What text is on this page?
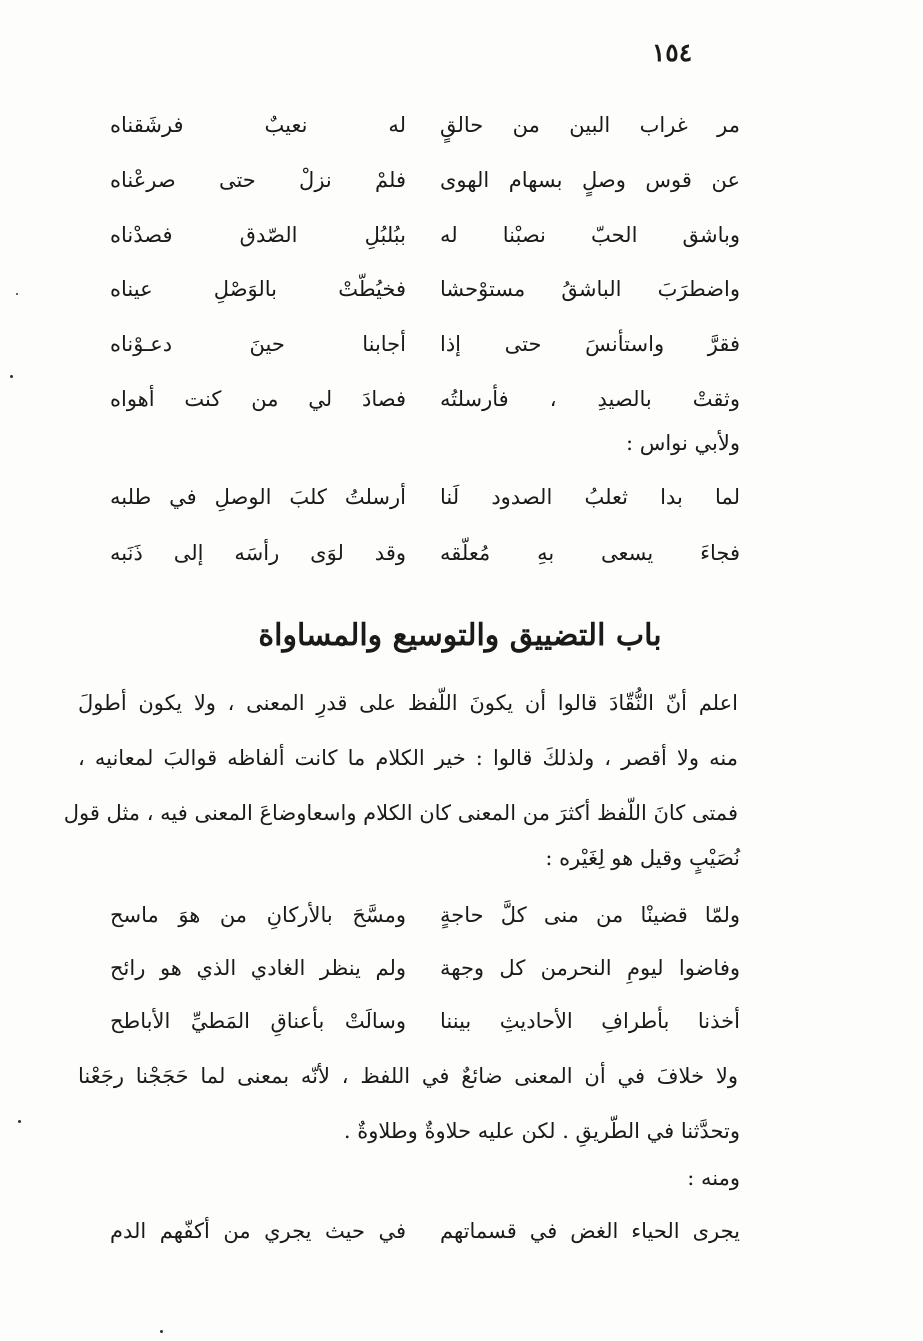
١٥٤
مر غراب البين من حالقٍ
له نعيبٌ فرشَقناه
عن قوس وصلٍ بسهام الهوى
فلمْ نزلْ حتى صرعْناه
وباشق الحبّ نصبْنا له
ببُلبُلِ الصّدق فصدْناه
واضطرَبَ الباشقُ مستوْحشا
فخيُطّتْ بالوَصْلِ عيناه
فقرَّ واستأنسَ حتى إذا
أجابنا حينَ دعـوْناه
وثقتْ بالصيدِ ، فأرسلتُه
فصادَ لي من كنت أهواه
ولأبي نواس :
لما بدا ثعلبُ الصدود لَنا
أرسلتُ كلبَ الوصلِ في طلبه
فجاءَ يسعى بهِ مُعلّقه
وقد لوَى رأسَه إلى ذَنَبه
باب التضييق والتوسيع والمساواة
اعلم أنّ النُّقّادَ قالوا أن يكونَ اللّفظ على قدرِ المعنى ، ولا يكون أطولَ
منه ولا أقصر ، ولذلكَ قالوا : خير الكلام ما كانت ألفاظه قوالبَ لمعانيه ،
فمتى كانَ اللّفظ أكثرَ من المعنى كان الكلام واسعاوضاعَ المعنى فيه ، مثل قول
نُصَيْبٍ وقيل هو لِغَيْره :
ولمّا قضينْا من منى كلَّ حاجةٍ
ومسَّحَ بالأركانِ من هوَ ماسح
وفاضوا ليومِ النحرمن كل وجهة
ولم ينظر الغادي الذي هو رائح
أخذنا بأطرافِ الأحاديثِ بيننا
وسالَتْ بأعناقِ المَطيِّ الأباطح
ولا خلافَ في أن المعنى ضائعٌ في اللفظ ، لأنّه بمعنى لما حَجَجْنا رجَعْنا
وتحدَّثنا في الطّريقِ . لكن عليه حلاوةٌ وطلاوةٌ .
ومنه :
يجرى الحياء الغض في قسماتهم
في حيث يجري من أكفّهم الدم
